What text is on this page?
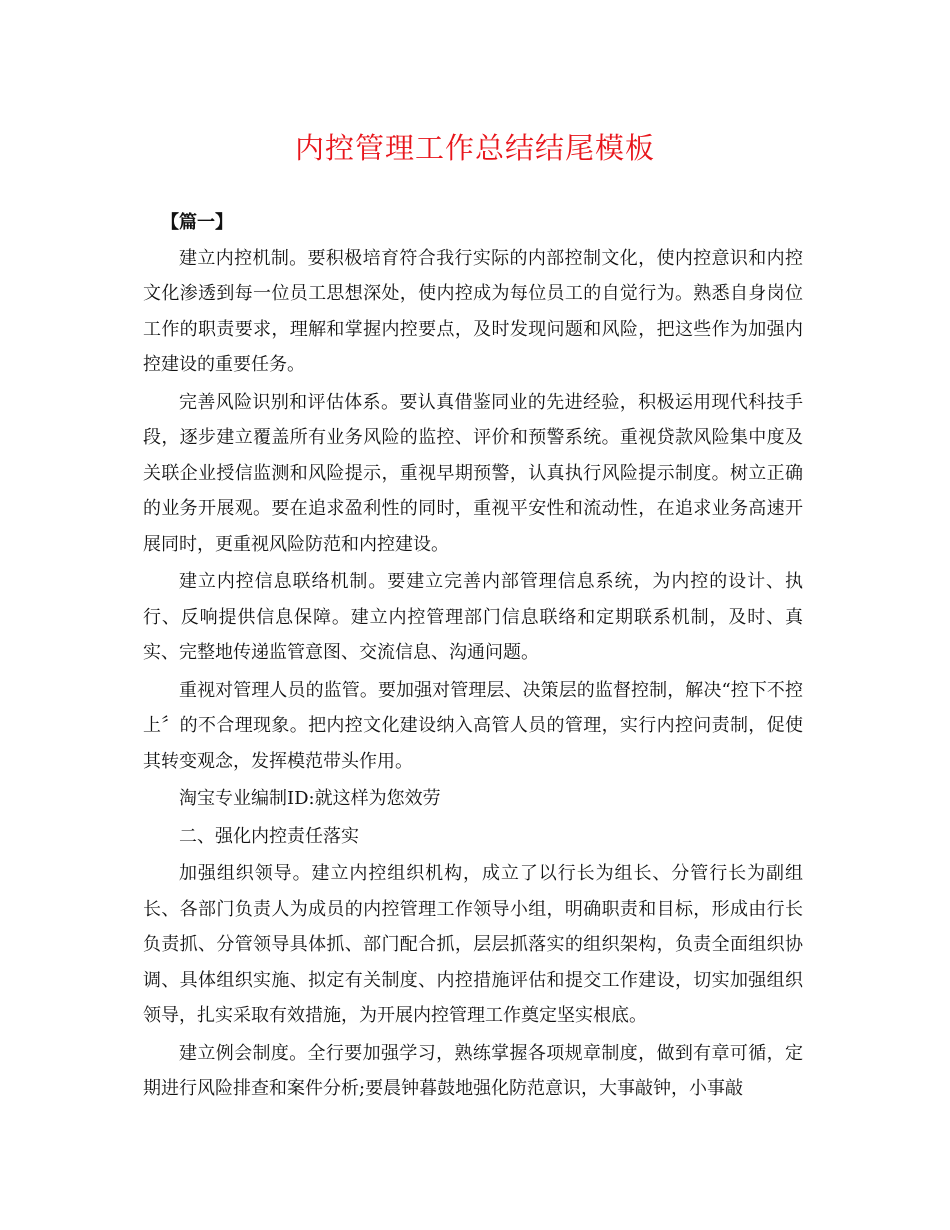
内控管理工作总结结尾模板

【篇一】

建立内控机制。要积极培育符合我行实际的内部控制文化，使内控意识和内控文化渗透到每一位员工思想深处，使内控成为每位员工的自觉行为。熟悉自身岗位工作的职责要求，理解和掌握内控要点，及时发现问题和风险，把这些作为加强内控建设的重要任务。

完善风险识别和评估体系。要认真借鉴同业的先进经验，积极运用现代科技手段，逐步建立覆盖所有业务风险的监控、评价和预警系统。重视贷款风险集中度及关联企业授信监测和风险提示，重视早期预警，认真执行风险提示制度。树立正确的业务开展观。要在追求盈利性的同时，重视平安性和流动性，在追求业务高速开展同时，更重视风险防范和内控建设。

建立内控信息联络机制。要建立完善内部管理信息系统，为内控的设计、执行、反响提供信息保障。建立内控管理部门信息联络和定期联系机制，及时、真实、完整地传递监管意图、交流信息、沟通问题。

重视对管理人员的监管。要加强对管理层、决策层的监督控制，解决“控下不控上〞的不合理现象。把内控文化建设纳入高管人员的管理，实行内控问责制，促使其转变观念，发挥模范带头作用。

淘宝专业编制ID:就这样为您效劳

二、强化内控责任落实

加强组织领导。建立内控组织机构，成立了以行长为组长、分管行长为副组长、各部门负责人为成员的内控管理工作领导小组，明确职责和目标，形成由行长负责抓、分管领导具体抓、部门配合抓，层层抓落实的组织架构，负责全面组织协调、具体组织实施、拟定有关制度、内控措施评估和提交工作建设，切实加强组织领导，扎实采取有效措施，为开展内控管理工作奠定坚实根底。

建立例会制度。全行要加强学习，熟练掌握各项规章制度，做到有章可循，定期进行风险排查和案件分析;要晨钟暮鼓地强化防范意识，大事敲钟，小事敲
